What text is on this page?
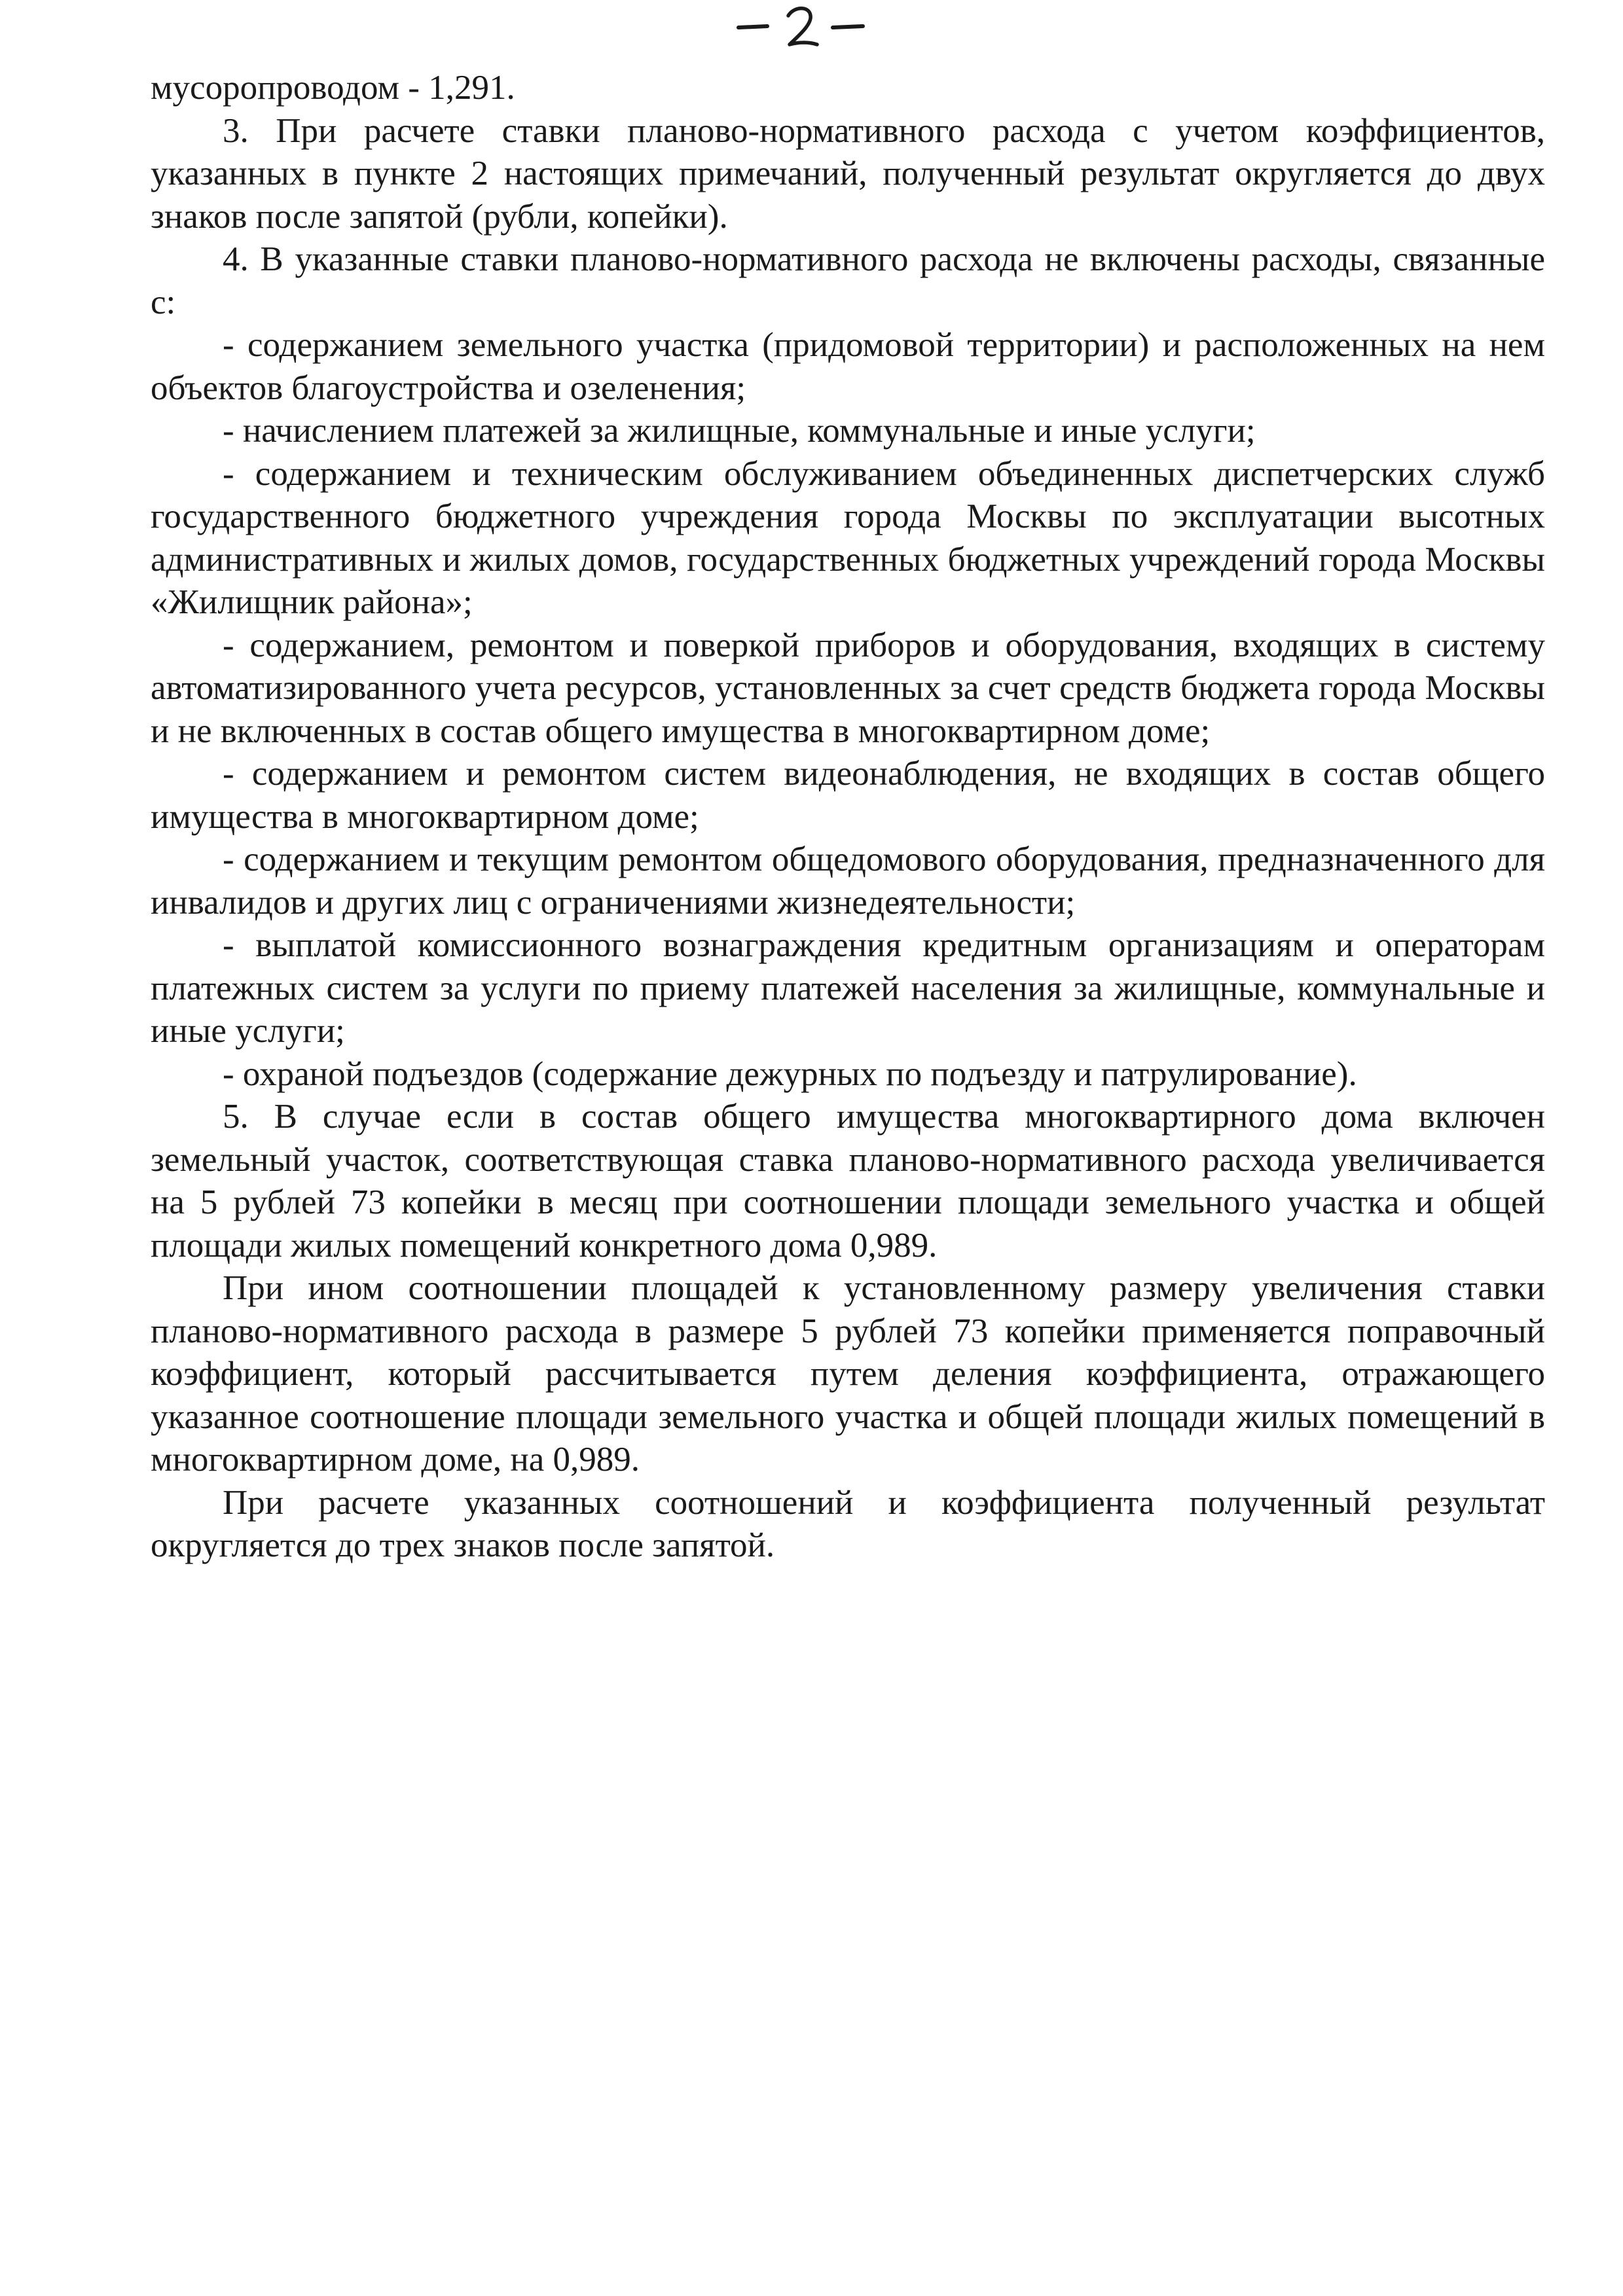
мусоропроводом - 1,291.

3. При расчете ставки планово-нормативного расхода с учетом коэффициентов, указанных в пункте 2 настоящих примечаний, полученный результат округляется до двух знаков после запятой (рубли, копейки).

4. В указанные ставки планово-нормативного расхода не включены расходы, связанные с:

- содержанием земельного участка (придомовой территории) и расположенных на нем объектов благоустройства и озеленения;

- начислением платежей за жилищные, коммунальные и иные услуги;

- содержанием и техническим обслуживанием объединенных диспетчерских служб государственного бюджетного учреждения города Москвы по эксплуатации высотных административных и жилых домов, государственных бюджетных учреждений города Москвы «Жилищник района»;

- содержанием, ремонтом и поверкой приборов и оборудования, входящих в систему автоматизированного учета ресурсов, установленных за счет средств бюджета города Москвы и не включенных в состав общего имущества в многоквартирном доме;

- содержанием и ремонтом систем видеонаблюдения, не входящих в состав общего имущества в многоквартирном доме;

- содержанием и текущим ремонтом общедомового оборудования, предназначенного для инвалидов и других лиц с ограничениями жизнедеятельности;

- выплатой комиссионного вознаграждения кредитным организациям и операторам платежных систем за услуги по приему платежей населения за жилищные, коммунальные и иные услуги;

- охраной подъездов (содержание дежурных по подъезду и патрулирование).

5. В случае если в состав общего имущества многоквартирного дома включен земельный участок, соответствующая ставка планово-нормативного расхода увеличивается на 5 рублей 73 копейки в месяц при соотношении площади земельного участка и общей площади жилых помещений конкретного дома 0,989.

При ином соотношении площадей к установленному размеру увеличения ставки планово-нормативного расхода в размере 5 рублей 73 копейки применяется поправочный коэффициент, который рассчитывается путем деления коэффициента, отражающего указанное соотношение площади земельного участка и общей площади жилых помещений в многоквартирном доме, на 0,989.

При расчете указанных соотношений и коэффициента полученный результат округляется до трех знаков после запятой.
